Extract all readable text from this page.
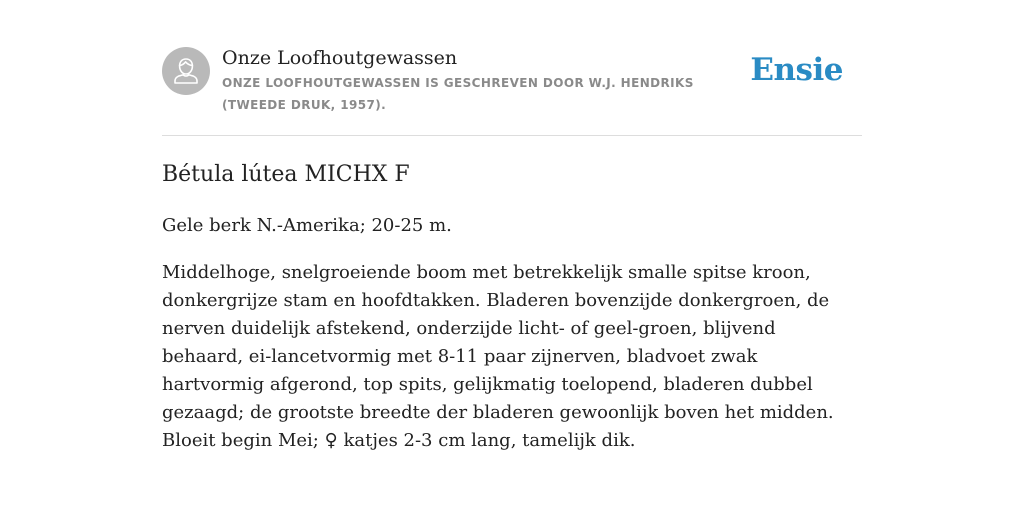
Onze Loofhoutgewassen
ONZE LOOFHOUTGEWASSEN IS GESCHREVEN DOOR W.J. HENDRIKS (TWEEDE DRUK, 1957).
Ensie
Bétula lútea MICHX F

Gele berk N.-Amerika; 20-25 m.

Middelhoge, snelgroeiende boom met betrekkelijk smalle spitse kroon, donkergrijze stam en hoofdtakken. Bladeren bovenzijde donkergroen, de nerven duidelijk afstekend, onderzijde licht- of geel-groen, blijvend behaard, ei-lancetvormig met 8-11 paar zijnerven, bladvoet zwak hartvormig afgerond, top spits, gelijkmatig toelopend, bladeren dubbel gezaagd; de grootste breedte der bladeren gewoonlijk boven het midden. Bloeit begin Mei; ♀ katjes 2-3 cm lang, tamelijk dik.
